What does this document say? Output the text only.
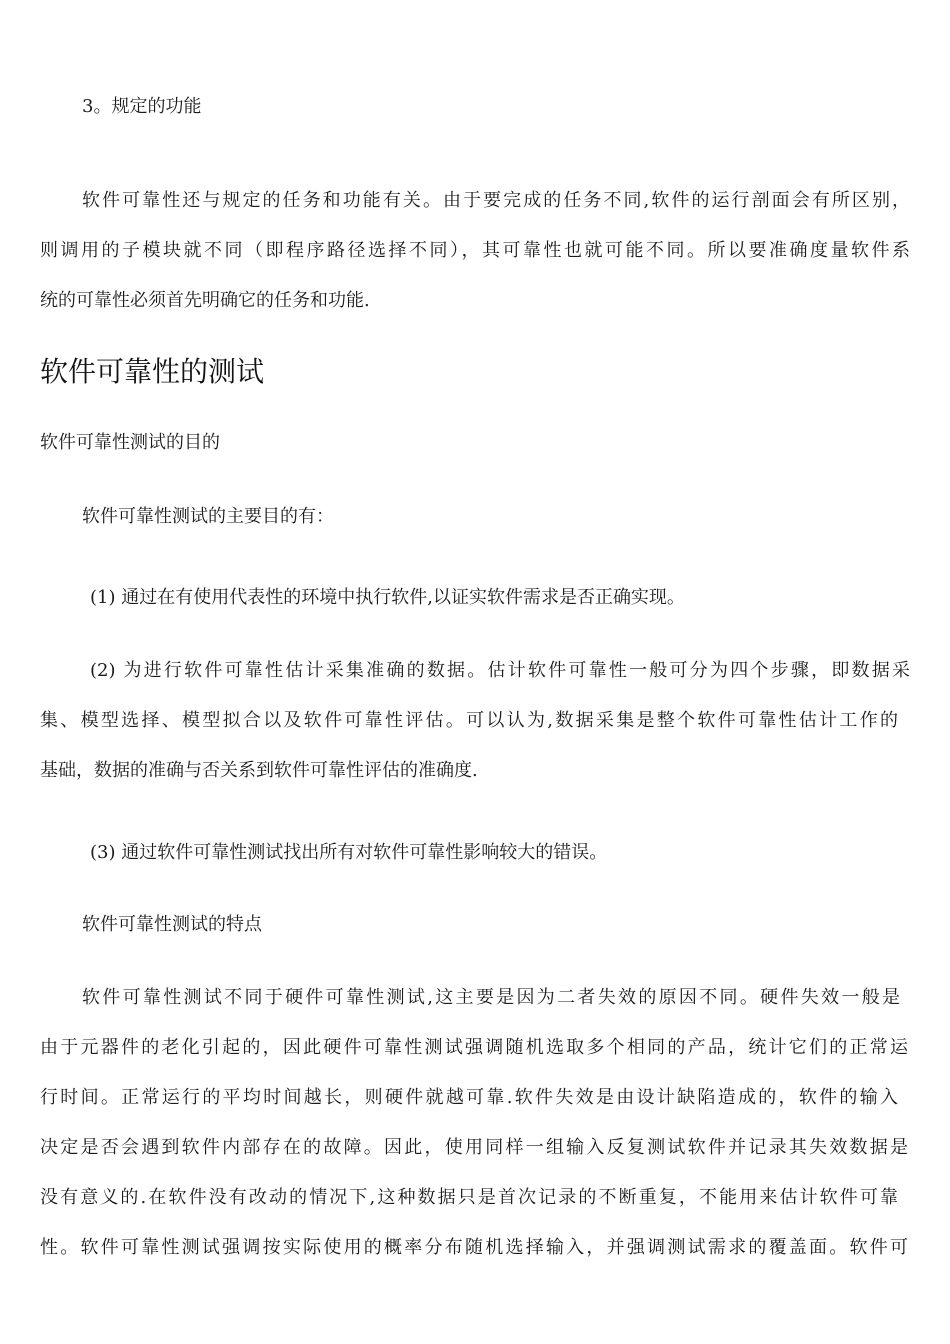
3。规定的功能
软件可靠性还与规定的任务和功能有关。由于要完成的任务不同,软件的运行剖面会有所区别，
则调用的子模块就不同（即程序路径选择不同），其可靠性也就可能不同。所以要准确度量软件系
统的可靠性必须首先明确它的任务和功能.
软件可靠性的测试
软件可靠性测试的目的
软件可靠性测试的主要目的有：
(1) 通过在有使用代表性的环境中执行软件,以证实软件需求是否正确实现。
(2) 为进行软件可靠性估计采集准确的数据。估计软件可靠性一般可分为四个步骤，即数据采
集、模型选择、模型拟合以及软件可靠性评估。可以认为,数据采集是整个软件可靠性估计工作的
基础，数据的准确与否关系到软件可靠性评估的准确度.
(3) 通过软件可靠性测试找出所有对软件可靠性影响较大的错误。
软件可靠性测试的特点
软件可靠性测试不同于硬件可靠性测试,这主要是因为二者失效的原因不同。硬件失效一般是
由于元器件的老化引起的，因此硬件可靠性测试强调随机选取多个相同的产品，统计它们的正常运
行时间。正常运行的平均时间越长，则硬件就越可靠.软件失效是由设计缺陷造成的，软件的输入
决定是否会遇到软件内部存在的故障。因此，使用同样一组输入反复测试软件并记录其失效数据是
没有意义的.在软件没有改动的情况下,这种数据只是首次记录的不断重复，不能用来估计软件可靠
性。软件可靠性测试强调按实际使用的概率分布随机选择输入，并强调测试需求的覆盖面。软件可
